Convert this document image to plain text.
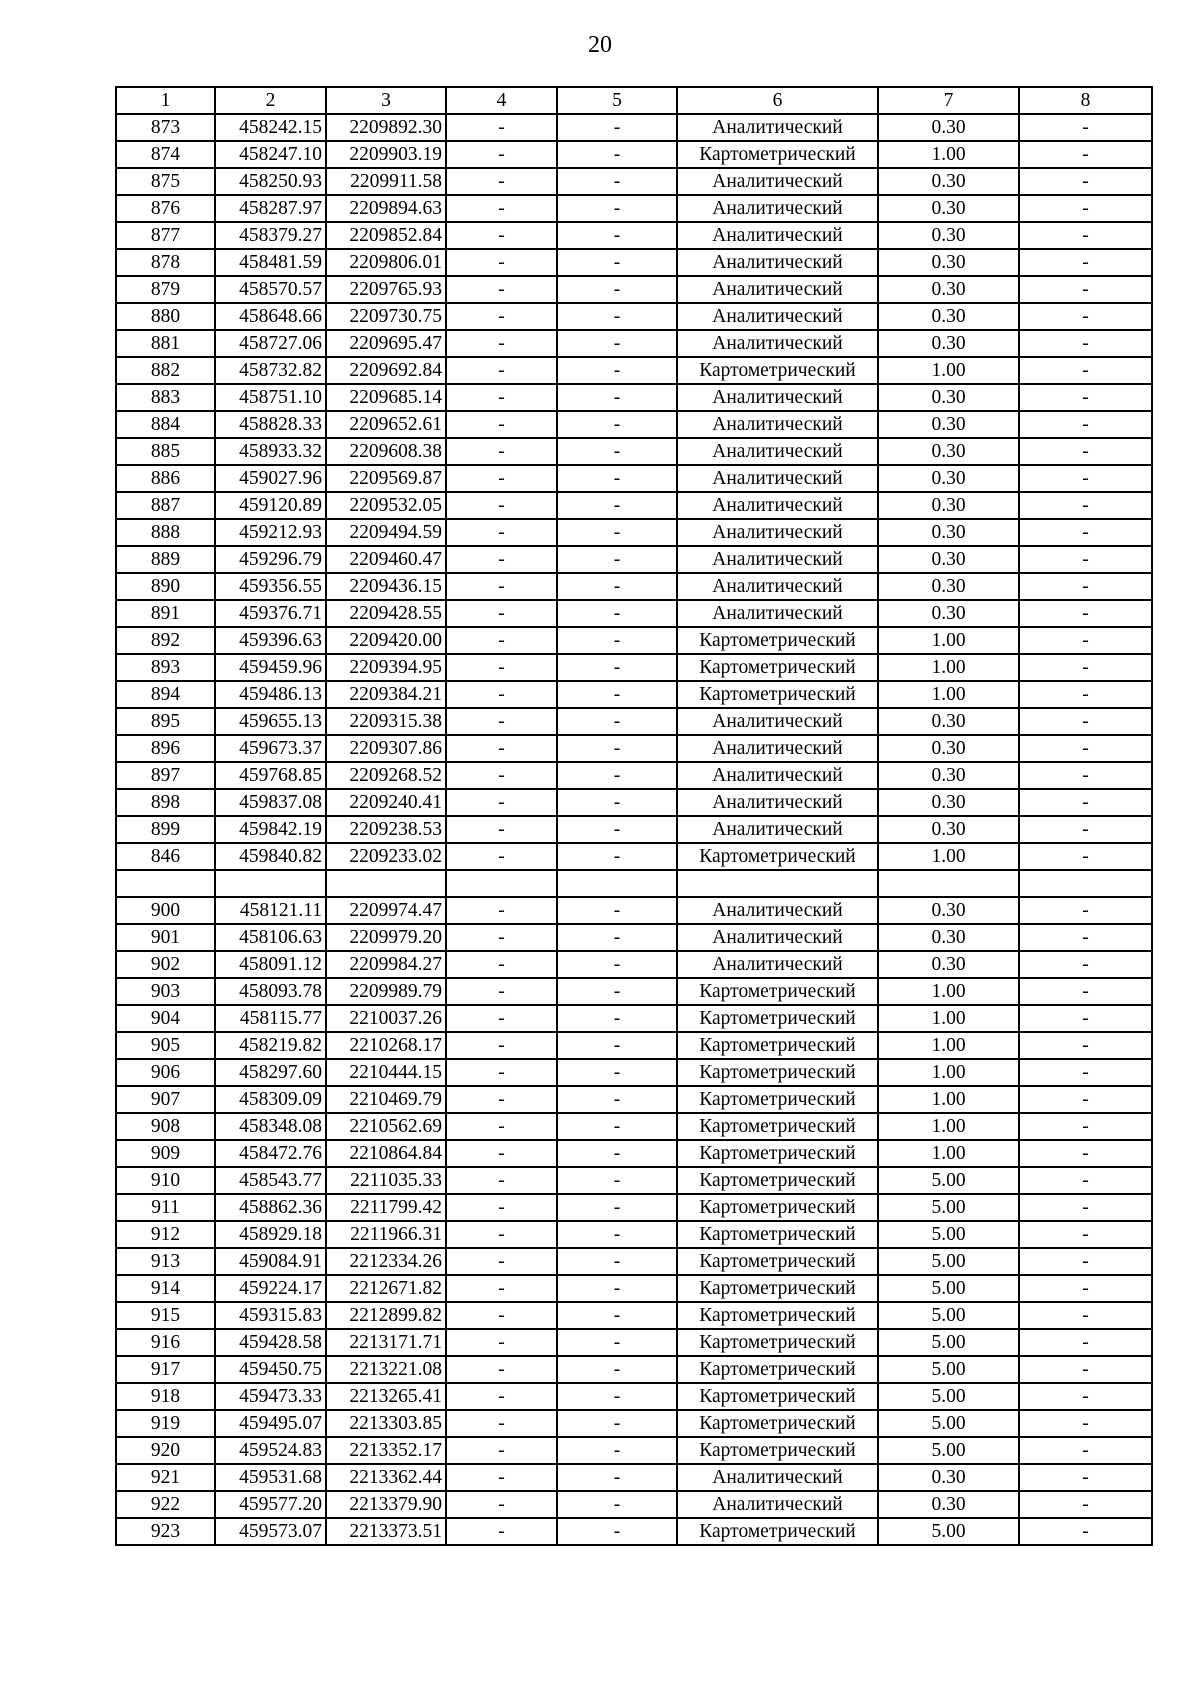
20
1	2	3	4	5	6	7	8
873	458242.15	2209892.30	-	-	Аналитический	0.30	-
874	458247.10	2209903.19	-	-	Картометрический	1.00	-
875	458250.93	2209911.58	-	-	Аналитический	0.30	-
876	458287.97	2209894.63	-	-	Аналитический	0.30	-
877	458379.27	2209852.84	-	-	Аналитический	0.30	-
878	458481.59	2209806.01	-	-	Аналитический	0.30	-
879	458570.57	2209765.93	-	-	Аналитический	0.30	-
880	458648.66	2209730.75	-	-	Аналитический	0.30	-
881	458727.06	2209695.47	-	-	Аналитический	0.30	-
882	458732.82	2209692.84	-	-	Картометрический	1.00	-
883	458751.10	2209685.14	-	-	Аналитический	0.30	-
884	458828.33	2209652.61	-	-	Аналитический	0.30	-
885	458933.32	2209608.38	-	-	Аналитический	0.30	-
886	459027.96	2209569.87	-	-	Аналитический	0.30	-
887	459120.89	2209532.05	-	-	Аналитический	0.30	-
888	459212.93	2209494.59	-	-	Аналитический	0.30	-
889	459296.79	2209460.47	-	-	Аналитический	0.30	-
890	459356.55	2209436.15	-	-	Аналитический	0.30	-
891	459376.71	2209428.55	-	-	Аналитический	0.30	-
892	459396.63	2209420.00	-	-	Картометрический	1.00	-
893	459459.96	2209394.95	-	-	Картометрический	1.00	-
894	459486.13	2209384.21	-	-	Картометрический	1.00	-
895	459655.13	2209315.38	-	-	Аналитический	0.30	-
896	459673.37	2209307.86	-	-	Аналитический	0.30	-
897	459768.85	2209268.52	-	-	Аналитический	0.30	-
898	459837.08	2209240.41	-	-	Аналитический	0.30	-
899	459842.19	2209238.53	-	-	Аналитический	0.30	-
846	459840.82	2209233.02	-	-	Картометрический	1.00	-

900	458121.11	2209974.47	-	-	Аналитический	0.30	-
901	458106.63	2209979.20	-	-	Аналитический	0.30	-
902	458091.12	2209984.27	-	-	Аналитический	0.30	-
903	458093.78	2209989.79	-	-	Картометрический	1.00	-
904	458115.77	2210037.26	-	-	Картометрический	1.00	-
905	458219.82	2210268.17	-	-	Картометрический	1.00	-
906	458297.60	2210444.15	-	-	Картометрический	1.00	-
907	458309.09	2210469.79	-	-	Картометрический	1.00	-
908	458348.08	2210562.69	-	-	Картометрический	1.00	-
909	458472.76	2210864.84	-	-	Картометрический	1.00	-
910	458543.77	2211035.33	-	-	Картометрический	5.00	-
911	458862.36	2211799.42	-	-	Картометрический	5.00	-
912	458929.18	2211966.31	-	-	Картометрический	5.00	-
913	459084.91	2212334.26	-	-	Картометрический	5.00	-
914	459224.17	2212671.82	-	-	Картометрический	5.00	-
915	459315.83	2212899.82	-	-	Картометрический	5.00	-
916	459428.58	2213171.71	-	-	Картометрический	5.00	-
917	459450.75	2213221.08	-	-	Картометрический	5.00	-
918	459473.33	2213265.41	-	-	Картометрический	5.00	-
919	459495.07	2213303.85	-	-	Картометрический	5.00	-
920	459524.83	2213352.17	-	-	Картометрический	5.00	-
921	459531.68	2213362.44	-	-	Аналитический	0.30	-
922	459577.20	2213379.90	-	-	Аналитический	0.30	-
923	459573.07	2213373.51	-	-	Картометрический	5.00	-
